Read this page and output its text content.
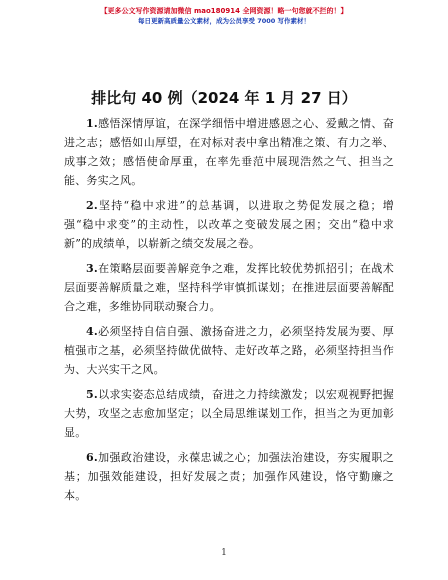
【更多公文写作资源请加微信 mao180914 全网资源！略一句您就不拦的！】
每日更新高质量公文素材，成为公员享受 7000 写作素材！
排比句 40 例（2024 年 1 月 27 日）

1.感悟深情厚谊，在深学细悟中增进感恩之心、爱戴之情、奋进之志；感悟如山厚望，在对标对表中拿出精准之策、有力之举、成事之效；感悟使命厚重，在率先垂范中展现浩然之气、担当之能、务实之风。

2.坚持“稳中求进”的总基调，以进取之势促发展之稳；增强“稳中求变”的主动性，以改革之变破发展之困；交出“稳中求新”的成绩单，以崭新之绩交发展之卷。

3.在策略层面要善解竞争之难，发挥比较优势抓招引；在战术层面要善解质量之难，坚持科学审慎抓谋划；在推进层面要善解配合之难，多维协同联动聚合力。

4.必须坚持自信自强、激扬奋进之力，必须坚持发展为要、厚植强市之基，必须坚持做优做特、走好改革之路，必须坚持担当作为、大兴实干之风。

5.以求实姿态总结成绩，奋进之力持续激发；以宏观视野把握大势，攻坚之志愈加坚定；以全局思维谋划工作，担当之为更加彰显。

6.加强政治建设，永葆忠诚之心；加强法治建设，夯实履职之基；加强效能建设，担好发展之责；加强作风建设，恪守勤廉之本。

1
